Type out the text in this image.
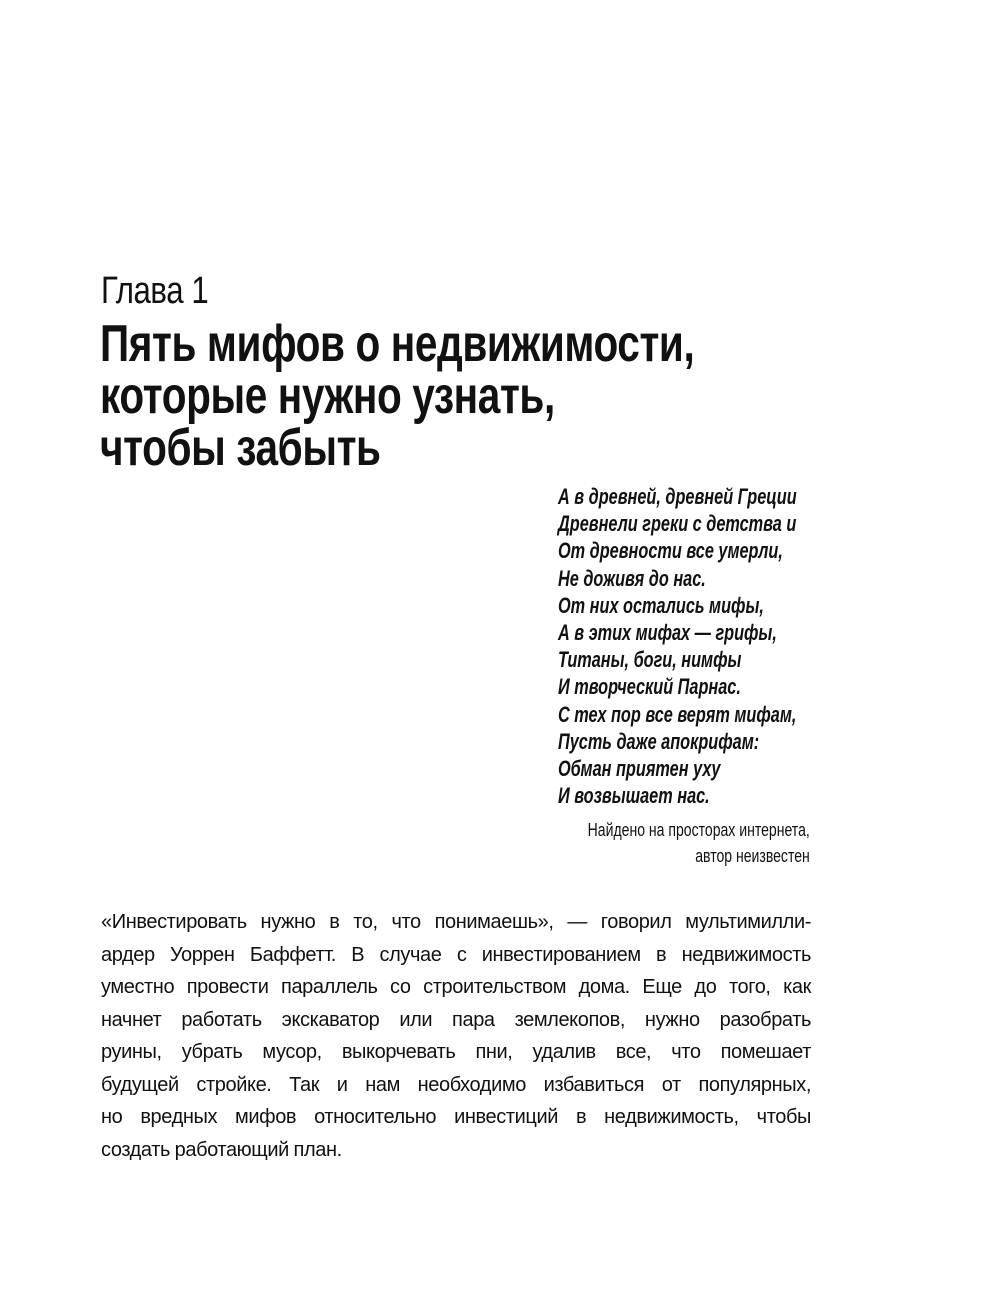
Глава 1
Пять мифов о недвижимости,
которые нужно узнать,
чтобы забыть
А в древней, древней Греции
Древнели греки с детства и
От древности все умерли,
Не доживя до нас.
От них остались мифы,
А в этих мифах — грифы,
Титаны, боги, нимфы
И творческий Парнас.
С тех пор все верят мифам,
Пусть даже апокрифам:
Обман приятен уху
И возвышает нас.
Найдено на просторах интернета,
автор неизвестен

«Инвестировать нужно в то, что понимаешь», — говорил мультимилли-
ардер Уоррен Баффетт. В случае с инвестированием в недвижимость
уместно провести параллель со строительством дома. Еще до того, как
начнет работать экскаватор или пара землекопов, нужно разобрать
руины, убрать мусор, выкорчевать пни, удалив все, что помешает
будущей стройке. Так и нам необходимо избавиться от популярных,
но вредных мифов относительно инвестиций в недвижимость, чтобы
создать работающий план.
